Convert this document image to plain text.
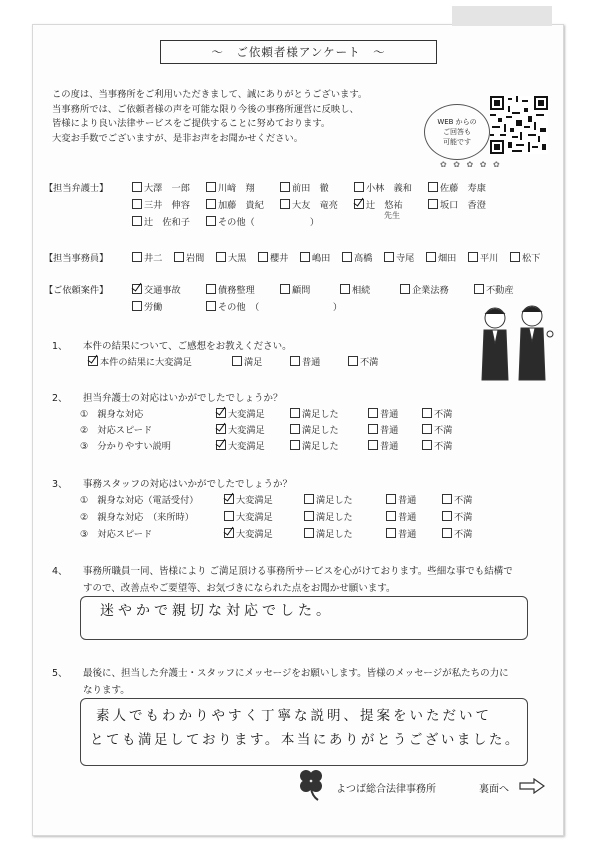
～　ご依頼者様アンケート　～
この度は、当事務所をご利用いただきまして、誠にありがとうございます。
当事務所では、ご依頼者様の声を可能な限り今後の事務所運営に反映し、
皆様により良い法律サービスをご提供することに努めております。
大変お手数でございますが、是非お声をお聞かせください。
WEB からの
ご回答も
可能です
✿ ✿ ✿ ✿ ✿
【担当弁護士】	大澤　一郎	川﨑　翔	前田　徹	小林　義和	佐藤　寿康
三井　伸容	加藤　貴紀	大友　竜亮	辻　悠祐	坂口　香澄
先生
辻　佐和子	その他（　　　　　　）
【担当事務員】	井二	岩間	大黒	櫻井	嶋田	高橋	寺尾	畑田	平川	松下
【ご依頼案件】	交通事故	債務整理	顧問	相続	企業法務	不動産
労働	その他　（　　　　　　　　）
1、 本件の結果について、ご感想をお教えください。
本件の結果に大変満足	満足	普通	不満
2、 担当弁護士の対応はいかがでしたでしょうか？
①　親身な対応	大変満足	満足した	普通	不満
②　対応スピード	大変満足	満足した	普通	不満
③　分かりやすい説明	大変満足	満足した	普通	不満
3、 事務スタッフの対応はいかがでしたでしょうか？
①　親身な対応（電話受付）	大変満足	満足した	普通	不満
②　親身な対応　（来所時）	大変満足	満足した	普通	不満
③　対応スピード	大変満足	満足した	普通	不満
4、 事務所職員一同、皆様により ご満足頂ける事務所サービスを心がけております。些細な事でも結構で
すので、改善点やご要望等、お気づきになられた点をお聞かせ願います。
迷やかで親切な対応でした。
5、 最後に、担当した弁護士・スタッフにメッセージをお願いします。皆様のメッセージが私たちの力に
なります。
素人でもわかりやすく丁寧な説明、提案をいただいて
とても満足しております。本当にありがとうございました。
よつば総合法律事務所	裏面へ
